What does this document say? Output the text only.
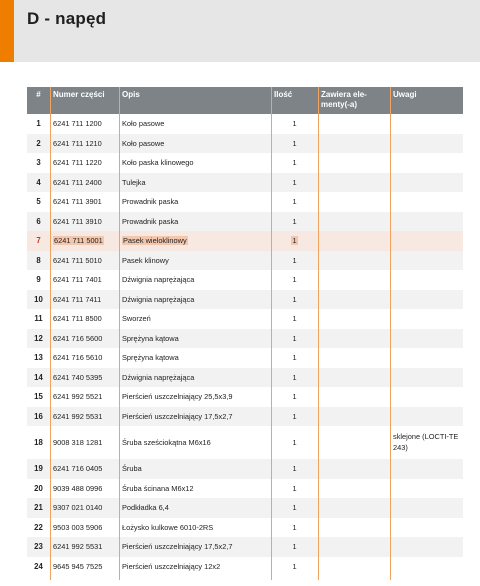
D - napęd
#	Numer części	Opis	Ilość	Zawiera ele-menty(-a)	Uwagi
1	6241 711 1200	Koło pasowe	1		
2	6241 711 1210	Koło pasowe	1		
3	6241 711 1220	Koło paska klinowego	1		
4	6241 711 2400	Tulejka	1		
5	6241 711 3901	Prowadnik paska	1		
6	6241 711 3910	Prowadnik paska	1		
7	6241 711 5001	Pasek wieloklinowy	1		
8	6241 711 5010	Pasek klinowy	1		
9	6241 711 7401	Dźwignia naprężająca	1		
10	6241 711 7411	Dźwignia naprężająca	1		
11	6241 711 8500	Sworzeń	1		
12	6241 716 5600	Sprężyna kątowa	1		
13	6241 716 5610	Sprężyna kątowa	1		
14	6241 740 5395	Dźwignia naprężająca	1		
15	6241 992 5521	Pierścień uszczelniający 25,5x3,9	1		
16	6241 992 5531	Pierścień uszczelniający 17,5x2,7	1		
18	9008 318 1281	Śruba sześciokątna M6x16	1		sklejone (LOCTI-TE 243)
19	6241 716 0405	Śruba	1		
20	9039 488 0996	Śruba ścinana M6x12	1		
21	9307 021 0140	Podkładka 6,4	1		
22	9503 003 5906	Łożysko kulkowe 6010-2RS	1		
23	6241 992 5531	Pierścień uszczelniający 17,5x2,7	1		
24	9645 945 7525	Pierścień uszczelniający 12x2	1		
